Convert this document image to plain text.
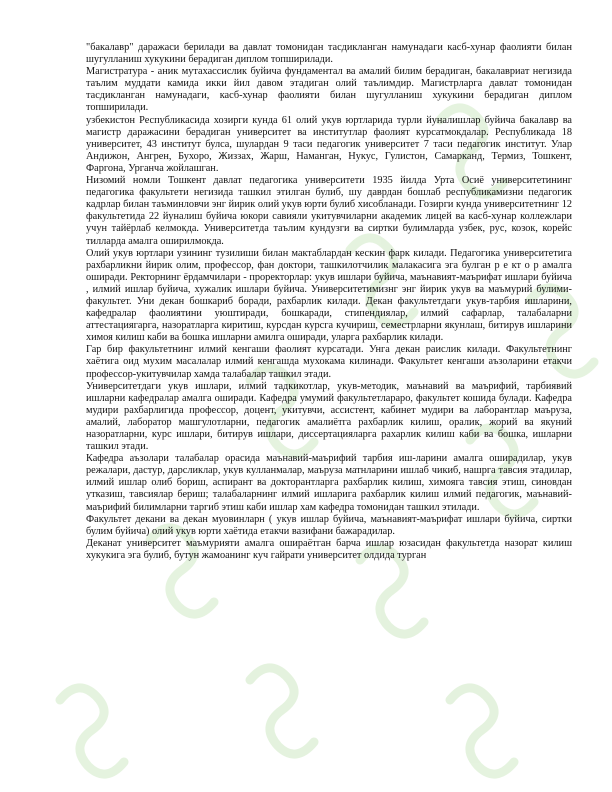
"бакалавр" даражаси берилади ва давлат томонидан тасдикланган намунадаги касб-хунар фаолияти билан шугулланиш хукукини берадиган диплом топширилади.

Магистратура - аник мутахассислик буйича фундаментал ва амалий билим берадиган, бакалавриат негизида таълим муддати камида икки йил давом этадиган олий таълимдир. Магистрларга давлат томонидан тасдикланган намунадаги, касб-хунар фаолияти билан шугулланиш хукукини берадиган диплом топширилади.

узбекистон Республикасида хозирги кунда 61 олий укув юртларида турли йуналишлар буйича бакалавр ва магистр даражасини берадиган университет ва институтлар фаолият курсатмокдалар. Республикада 18 университет, 43 институт булса, шулардан 9 таси педагогик университет 7 таси педагогик институт. Улар Андижон, Ангрен, Бухоро, Жиззах, Жарш, Наманган, Нукус, Гулистон, Самарканд, Термиз, Тошкент, Фаргона, Урганча жойлашган.

Низомий номли Тошкент давлат педагогика университети 1935 йилда Урта Осиё университетининг педагогика факультети негизида ташкил этилган булиб, шу даврдан бошлаб республикамизни педагогик кадрлар билан таъминловчи энг йирик олий укув юрти булиб хисобланади. Гозирги кунда университетнинг 12 факультетида 22 йуналиш буйича юкори савияли укитувчиларни академик лицей ва касб-хунар коллежлари учун тайёрлаб келмокда. Университетда таълим кундузги ва сиртки булимларда узбек, рус, козок, корейс тилларда амалга оширилмокда.

Олий укув юртлари узининг тузилиши билан мактаблардан кескин фарк килади. Педагогика университетига рахбарликни йирик олим, профессор, фан доктори, ташкилотчилик малакасига эга булган р е кт о р амалга оширади. Ректорнинг ёрдамчилари - проректорлар: укув ишлари буйича, маънавият-маърифат ишлари буйича , илмий ишлар буйича, хужалик ишлари буйича. Университетимизнг энг йирик укув ва маъмурий булими- факультет. Уни декан бошкариб боради, рахбарлик килади. Декан факультетдаги укув-тарбия ишларини, кафедралар фаолиятини уюштиради, бошкаради, стипендиялар, илмий сафарлар, талабаларни аттестациягарга, назоратларга киритиш, курсдан курсга кучириш, семестрларни якунлаш, битирув ишларини химоя килиш каби ва бошка ишларни амилга оширади, уларга рахбарлик килади.

Гар бир факультетнинг илмий кенгаши фаолият курсатади. Унга декан раислик килади. Факультетнинг хаётига оид мухим масалалар илмий кенгашда мухокама килинади. Факультет кенгаши аъзоларини етакчи профессор-укитувчилар хамда талабалар ташкил этади.

Университетдаги укув ишлари, илмий тадкикотлар, укув-методик, маънавий ва маърифий, тарбиявий ишларни кафедралар амалга оширади. Кафедра умумий факультетлараро, факультет кошида булади. Кафедра мудири рахбарлигида профессор, доцент, укитувчи, ассистент, кабинет мудири ва лаборантлар маъруза, амалий, лаборатор машгулотларни, педагогик амалиётга рахбарлик килиш, оралик, жорий ва якуний назоратларни, курс ишлари, битирув ишлари, диссертацияларга рахарлик килиш каби ва бошка, ишларни ташкил этади.

Кафедра аъзолари талабалар орасида маънавий-маърифий тарбия иш-ларини амалга оширадилар, укув режалари, дастур, дарсликлар, укув кулланмалар, маъруза матнларини ишлаб чикиб, нашрга тавсия этадилар, илмий ишлар олиб бориш, аспирант ва докторантларга рахбарлик килиш, химояга тавсия этиш, синовдан утказиш, тавсиялар бериш; талабаларнинг илмий ишларига рахбарлик килиш илмий педагогик, маънавий-маърифий билимларни таргиб этиш каби ишлар хам кафедра томонидан ташкил этилади.

Факультет декани ва декан муовинларн ( укув ишлар буйича, маънавият-маърифат ишлари буйича, сиртки булим буйича) олий укув юрти хаётида етакчи вазифани бажарадилар.

Деканат университет маъмурияти амалга ошираётган барча ишлар юзасидан факультетда назорат килиш хукукига эга булиб, бутун жамоанинг куч гайрати университет олдида турган
